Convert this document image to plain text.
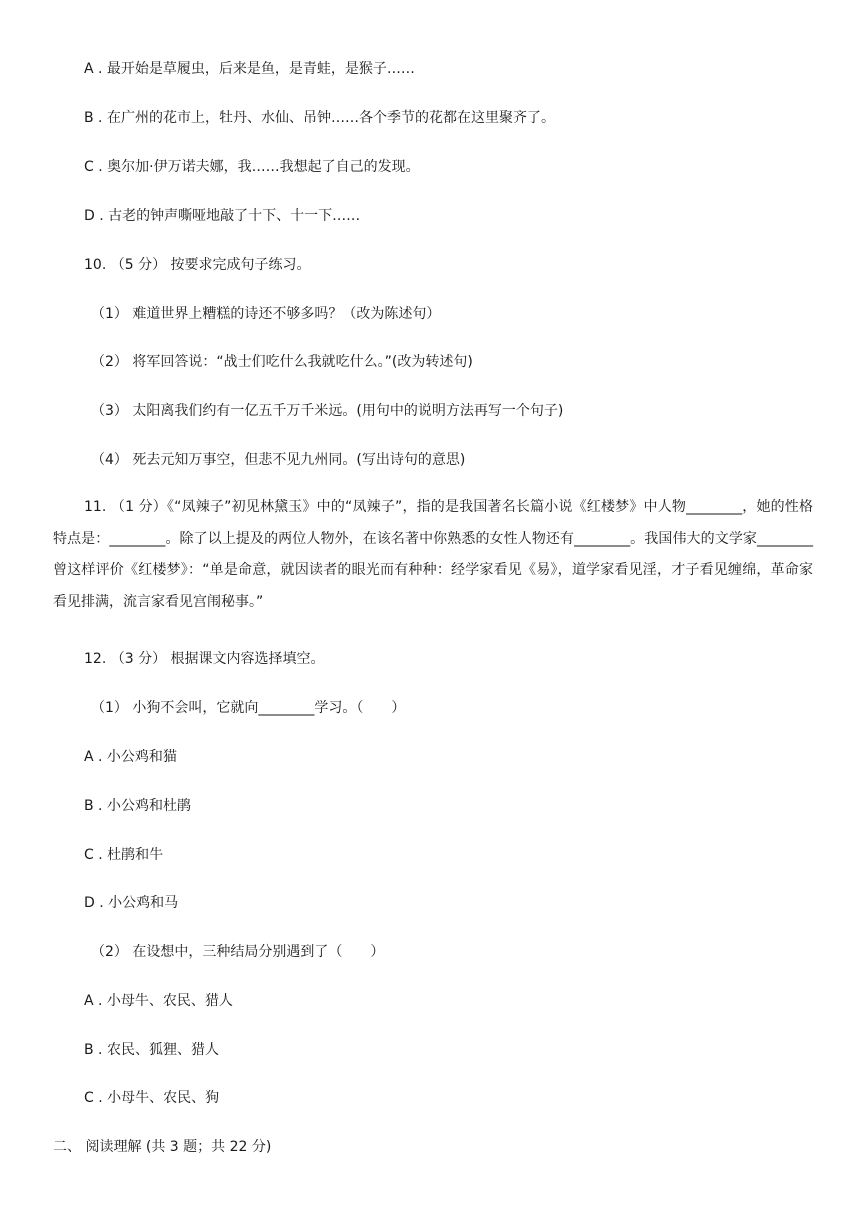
A . 最开始是草履虫，后来是鱼，是青蛙，是猴子……
B . 在广州的花市上，牡丹、水仙、吊钟……各个季节的花都在这里聚齐了。
C . 奥尔加·伊万诺夫娜，我……我想起了自己的发现。
D . 古老的钟声嘶哑地敲了十下、十一下……
10. （5 分） 按要求完成句子练习。
（1） 难道世界上糟糕的诗还不够多吗？（改为陈述句）
（2） 将军回答说：“战士们吃什么我就吃什么。”(改为转述句)
（3） 太阳离我们约有一亿五千万千米远。(用句中的说明方法再写一个句子)
（4） 死去元知万事空，但悲不见九州同。(写出诗句的意思)
11. （1 分）《“凤辣子”初见林黛玉》中的“凤辣子”，指的是我国著名长篇小说《红楼梦》中人物________，她的性格特点是：________。除了以上提及的两位人物外，在该名著中你熟悉的女性人物还有________。我国伟大的文学家________曾这样评价《红楼梦》：“单是命意，就因读者的眼光而有种种：经学家看见《易》，道学家看见淫，才子看见缠绵，革命家看见排满，流言家看见宫闱秘事。”
12. （3 分） 根据课文内容选择填空。
（1） 小狗不会叫，它就向________学习。（　　）
A . 小公鸡和猫
B . 小公鸡和杜鹃
C . 杜鹃和牛
D . 小公鸡和马
（2） 在设想中，三种结局分别遇到了（　　）
A . 小母牛、农民、猎人
B . 农民、狐狸、猎人
C . 小母牛、农民、狗
二、 阅读理解 (共 3 题；共 22 分)
